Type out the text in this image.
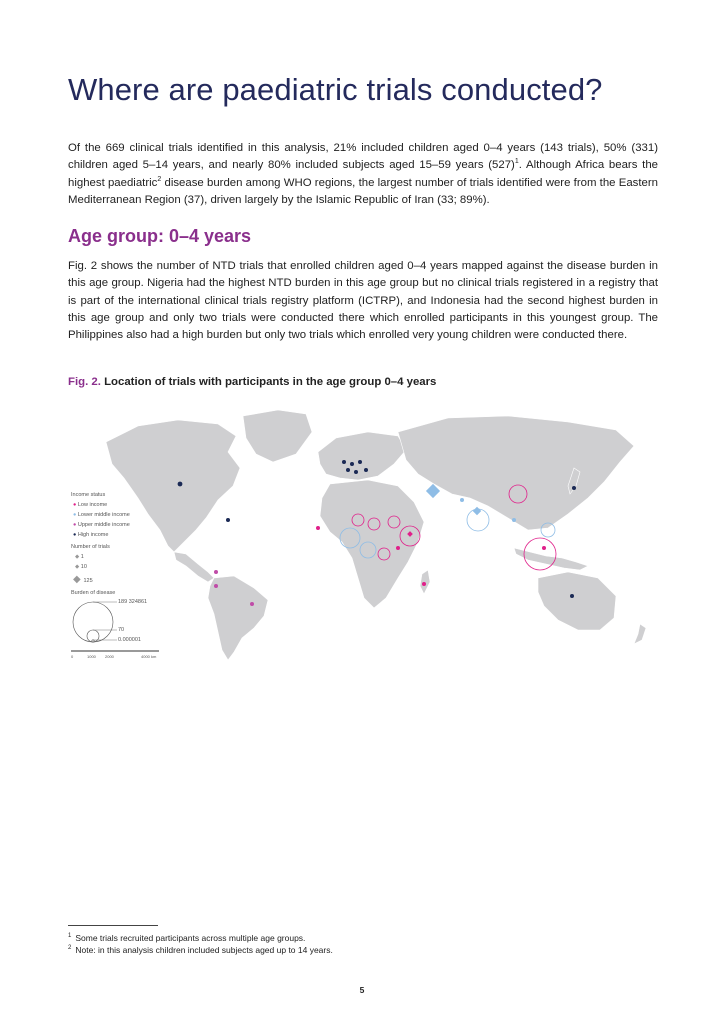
Where are paediatric trials conducted?

Of the 669 clinical trials identified in this analysis, 21% included children aged 0–4 years (143 trials), 50% (331) children aged 5–14 years, and nearly 80% included subjects aged 15–59 years $(527)^1$. Although Africa bears the highest paediatric$^2$ disease burden among WHO regions, the largest number of trials identified were from the Eastern Mediterranean Region (37), driven largely by the Islamic Republic of Iran (33; 89%).

Age group: 0–4 years

Fig. 2 shows the number of NTD trials that enrolled children aged 0–4 years mapped against the disease burden in this age group. Nigeria had the highest NTD burden in this age group but no clinical trials registered in a registry that is part of the international clinical trials registry platform (ICTRP), and Indonesia had the second highest burden in this age group and only two trials were conducted there which enrolled participants in this youngest group. The Philippines also had a high burden but only two trials which enrolled very young children were conducted there.

Fig. 2. Location of trials with participants in the age group 0–4 years

Income status
● Low income
● Lower middle income
● Upper middle income
● High income
Number of trials
◆ 1
◆ 10
◆ 125
Burden of disease
189 324861
70
0.000001
0	1000 2000	4000 km
$^1$ Some trials recruited participants across multiple age groups.
$^2$ Note: in this analysis children included subjects aged up to 14 years.
5
